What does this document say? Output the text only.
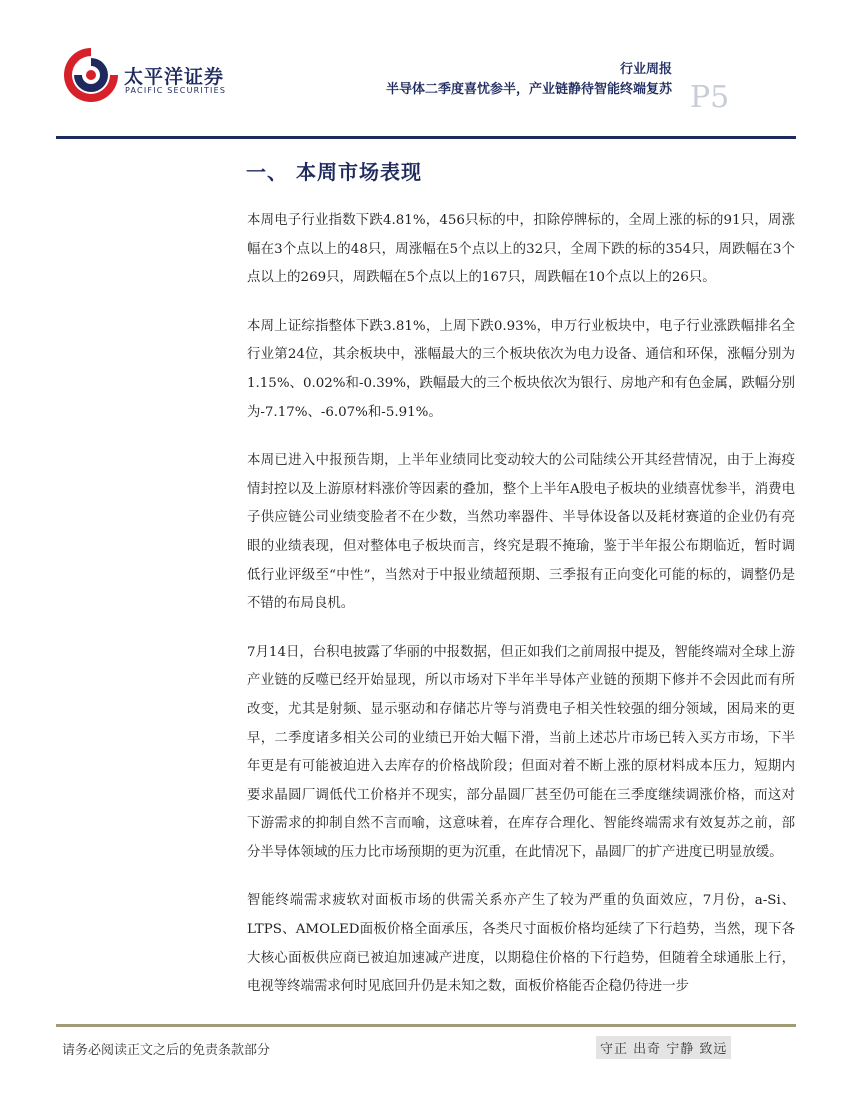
太平洋证券
PACIFIC SECURITIES
行业周报
半导体二季度喜忧参半，产业链静待智能终端复苏 P5
一、 本周市场表现

本周电子行业指数下跌4.81%，456只标的中，扣除停牌标的，全周上涨的标的91只，周涨幅在3个点以上的48只，周涨幅在5个点以上的32只，全周下跌的标的354只，周跌幅在3个点以上的269只，周跌幅在5个点以上的167只，周跌幅在10个点以上的26只。

本周上证综指整体下跌3.81%，上周下跌0.93%，申万行业板块中，电子行业涨跌幅排名全行业第24位，其余板块中，涨幅最大的三个板块依次为电力设备、通信和环保，涨幅分别为1.15%、0.02%和-0.39%，跌幅最大的三个板块依次为银行、房地产和有色金属，跌幅分别为-7.17%、-6.07%和-5.91%。

本周已进入中报预告期，上半年业绩同比变动较大的公司陆续公开其经营情况，由于上海疫情封控以及上游原材料涨价等因素的叠加，整个上半年A股电子板块的业绩喜忧参半，消费电子供应链公司业绩变脸者不在少数，当然功率器件、半导体设备以及耗材赛道的企业仍有亮眼的业绩表现，但对整体电子板块而言，终究是瑕不掩瑜，鉴于半年报公布期临近，暂时调低行业评级至“中性”，当然对于中报业绩超预期、三季报有正向变化可能的标的，调整仍是不错的布局良机。

7月14日，台积电披露了华丽的中报数据，但正如我们之前周报中提及，智能终端对全球上游产业链的反噬已经开始显现，所以市场对下半年半导体产业链的预期下修并不会因此而有所改变，尤其是射频、显示驱动和存储芯片等与消费电子相关性较强的细分领域，困局来的更早，二季度诸多相关公司的业绩已开始大幅下滑，当前上述芯片市场已转入买方市场，下半年更是有可能被迫进入去库存的价格战阶段；但面对着不断上涨的原材料成本压力，短期内要求晶圆厂调低代工价格并不现实，部分晶圆厂甚至仍可能在三季度继续调涨价格，而这对下游需求的抑制自然不言而喻，这意味着，在库存合理化、智能终端需求有效复苏之前，部分半导体领域的压力比市场预期的更为沉重，在此情况下，晶圆厂的扩产进度已明显放缓。

智能终端需求疲软对面板市场的供需关系亦产生了较为严重的负面效应，7月份，a-Si、LTPS、AMOLED面板价格全面承压，各类尺寸面板价格均延续了下行趋势，当然，现下各大核心面板供应商已被迫加速减产进度，以期稳住价格的下行趋势，但随着全球通胀上行，电视等终端需求何时见底回升仍是未知之数，面板价格能否企稳仍待进一步

请务必阅读正文之后的免责条款部分	守正 出奇 宁静 致远
